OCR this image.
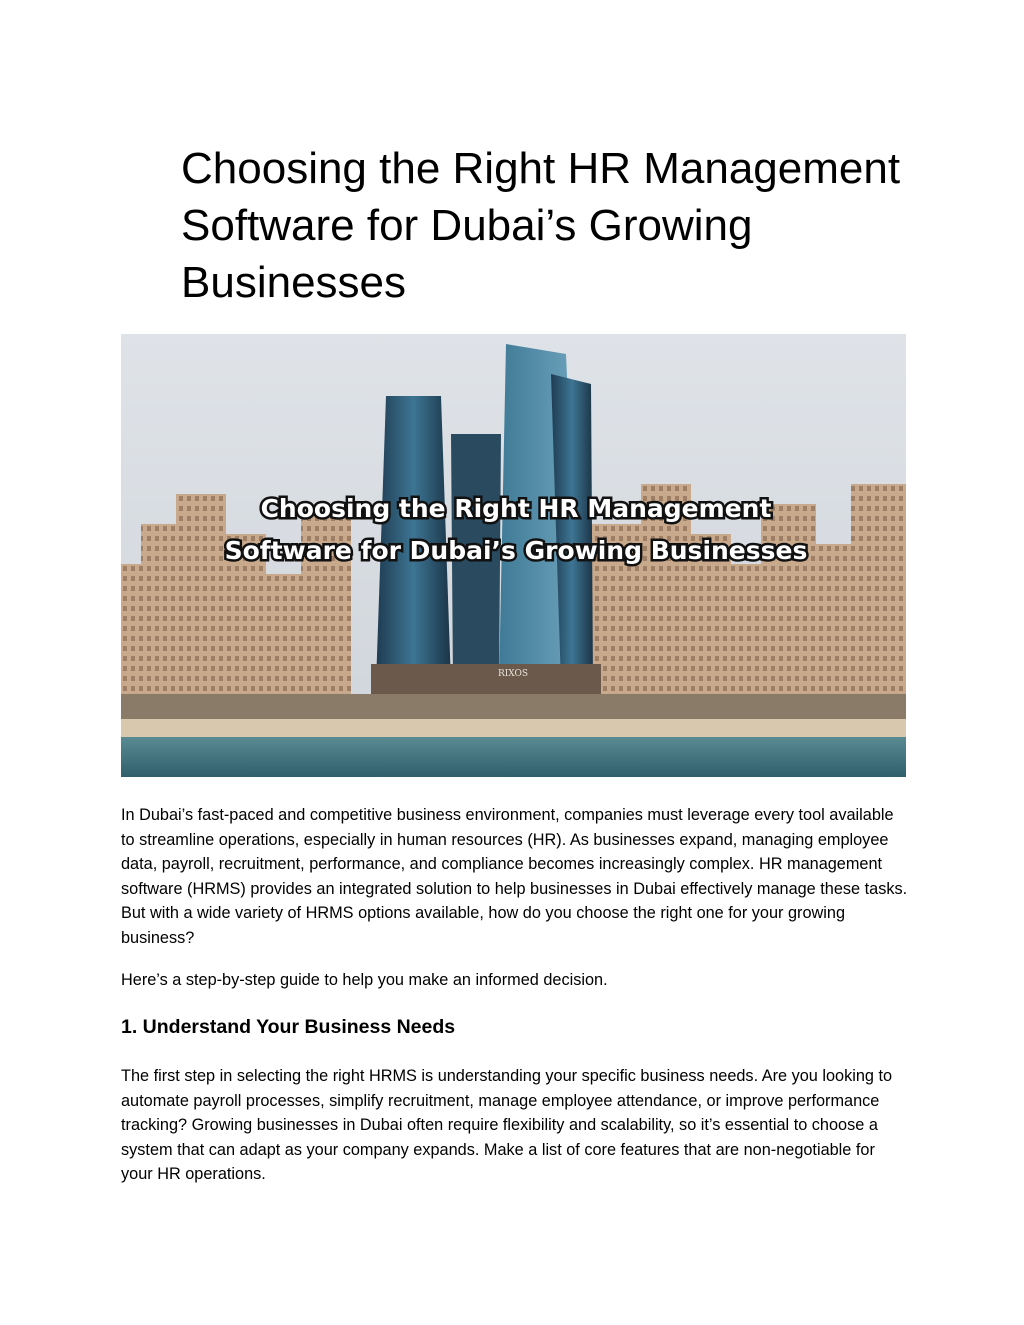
Choosing the Right HR Management Software for Dubai’s Growing Businesses
RIXOS
Choosing the Right HR Management
Software for Dubai’s Growing Businesses

In Dubai’s fast-paced and competitive business environment, companies must leverage every tool available to streamline operations, especially in human resources (HR). As businesses expand, managing employee data, payroll, recruitment, performance, and compliance becomes increasingly complex. HR management software (HRMS) provides an integrated solution to help businesses in Dubai effectively manage these tasks. But with a wide variety of HRMS options available, how do you choose the right one for your growing business?

Here’s a step-by-step guide to help you make an informed decision.

1. Understand Your Business Needs

The first step in selecting the right HRMS is understanding your specific business needs. Are you looking to automate payroll processes, simplify recruitment, manage employee attendance, or improve performance tracking? Growing businesses in Dubai often require flexibility and scalability, so it’s essential to choose a system that can adapt as your company expands. Make a list of core features that are non-negotiable for your HR operations.
